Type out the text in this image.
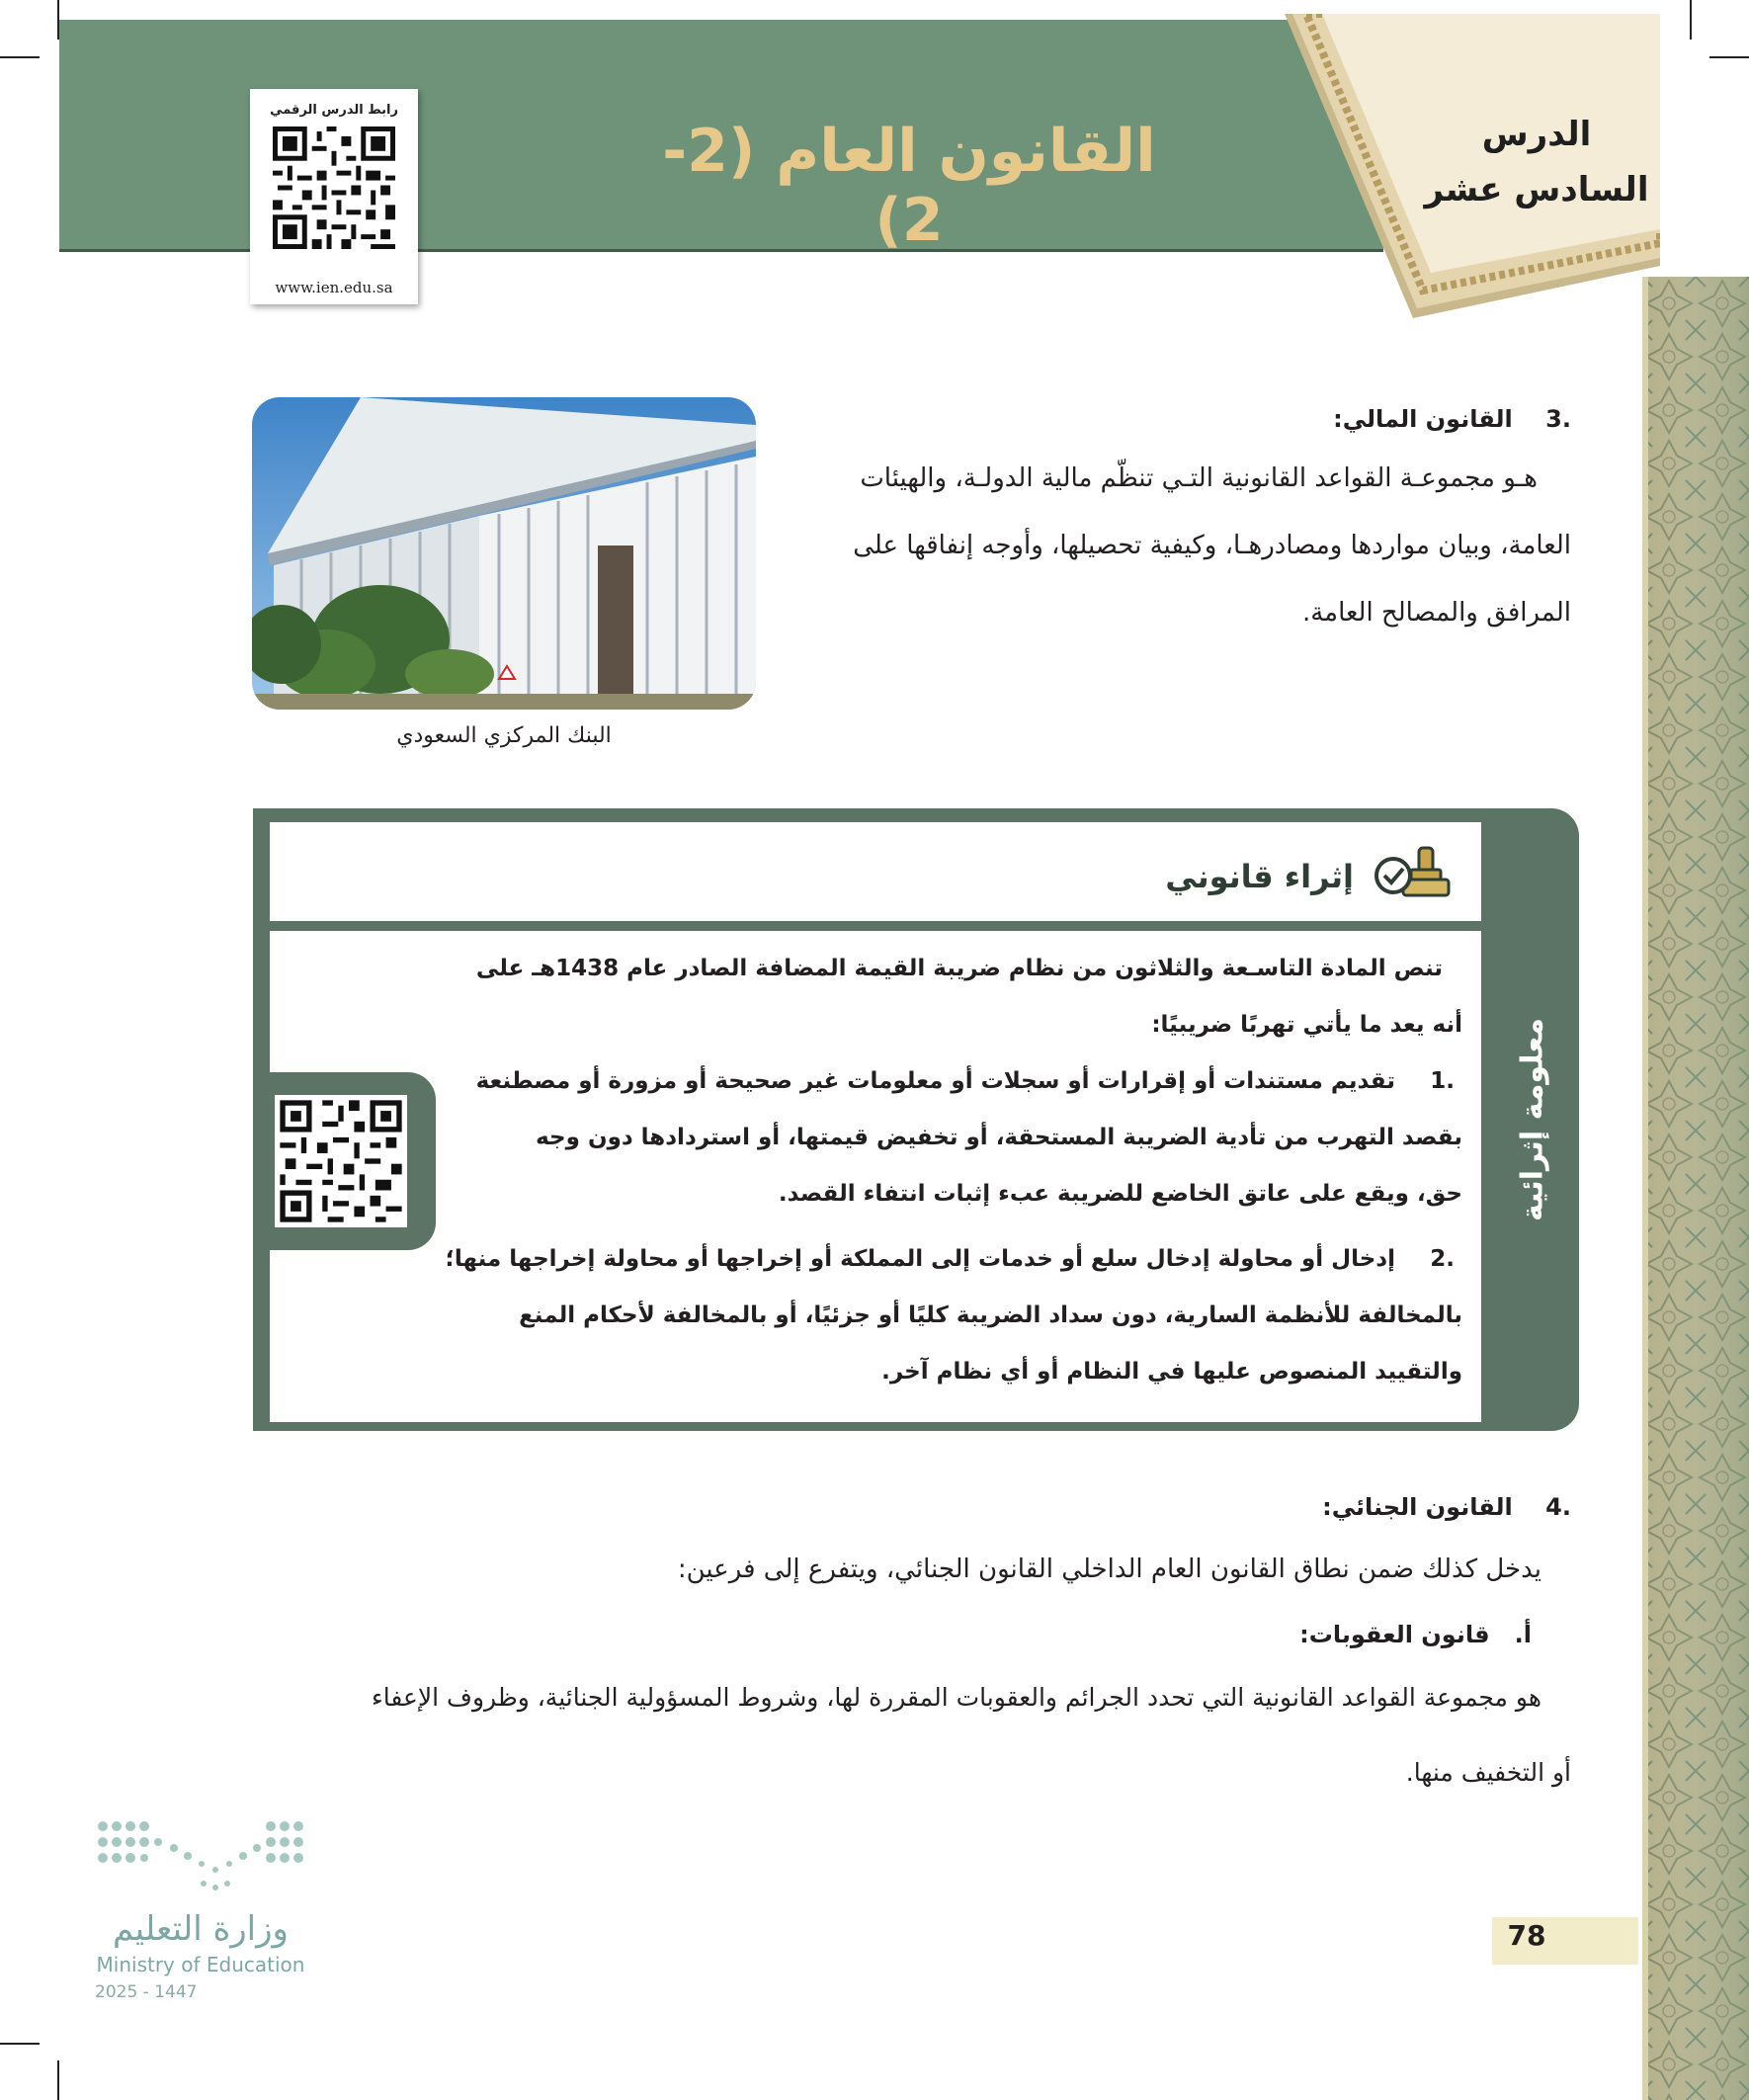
الدرس
السادس عشر
القانون العام (2-2)
رابط الدرس الرقمي
www.ien.edu.sa
.3    القانون المالي:
هـو مجموعـة القواعد القانونية التـي تنظّم مالية الدولـة، والهيئات
العامة، وبيان مواردها ومصادرهـا، وكيفية تحصيلها، وأوجه إنفاقها على
المرافق والمصالح العامة.
البنك المركزي السعودي
معلومة إثرائية
إثراء قانوني
تنص المادة التاسـعة والثلاثون من نظام ضريبة القيمة المضافة الصادر عام 1438هـ على
أنه يعد ما يأتي تهربًا ضريبيًا:
.1
تقديم مستندات أو إقرارات أو سجلات أو معلومات غير صحيحة أو مزورة أو مصطنعة
بقصد التهرب من تأدية الضريبة المستحقة، أو تخفيض قيمتها، أو استردادها دون وجه
حق، ويقع على عاتق الخاضع للضريبة عبء إثبات انتفاء القصد.
.2
إدخال أو محاولة إدخال سلع أو خدمات إلى المملكة أو إخراجها أو محاولة إخراجها منها؛
بالمخالفة للأنظمة السارية، دون سداد الضريبة كليًا أو جزئيًا، أو بالمخالفة لأحكام المنع
والتقييد المنصوص عليها في النظام أو أي نظام آخر.
.4    القانون الجنائي:
يدخل كذلك ضمن نطاق القانون العام الداخلي القانون الجنائي، ويتفرع إلى فرعين:
أ.   قانون العقوبات:
هو مجموعة القواعد القانونية التي تحدد الجرائم والعقوبات المقررة لها، وشروط المسؤولية الجنائية، وظروف الإعفاء
أو التخفيف منها.
وزارة التعليم
Ministry of Education
2025 - 1447
78
